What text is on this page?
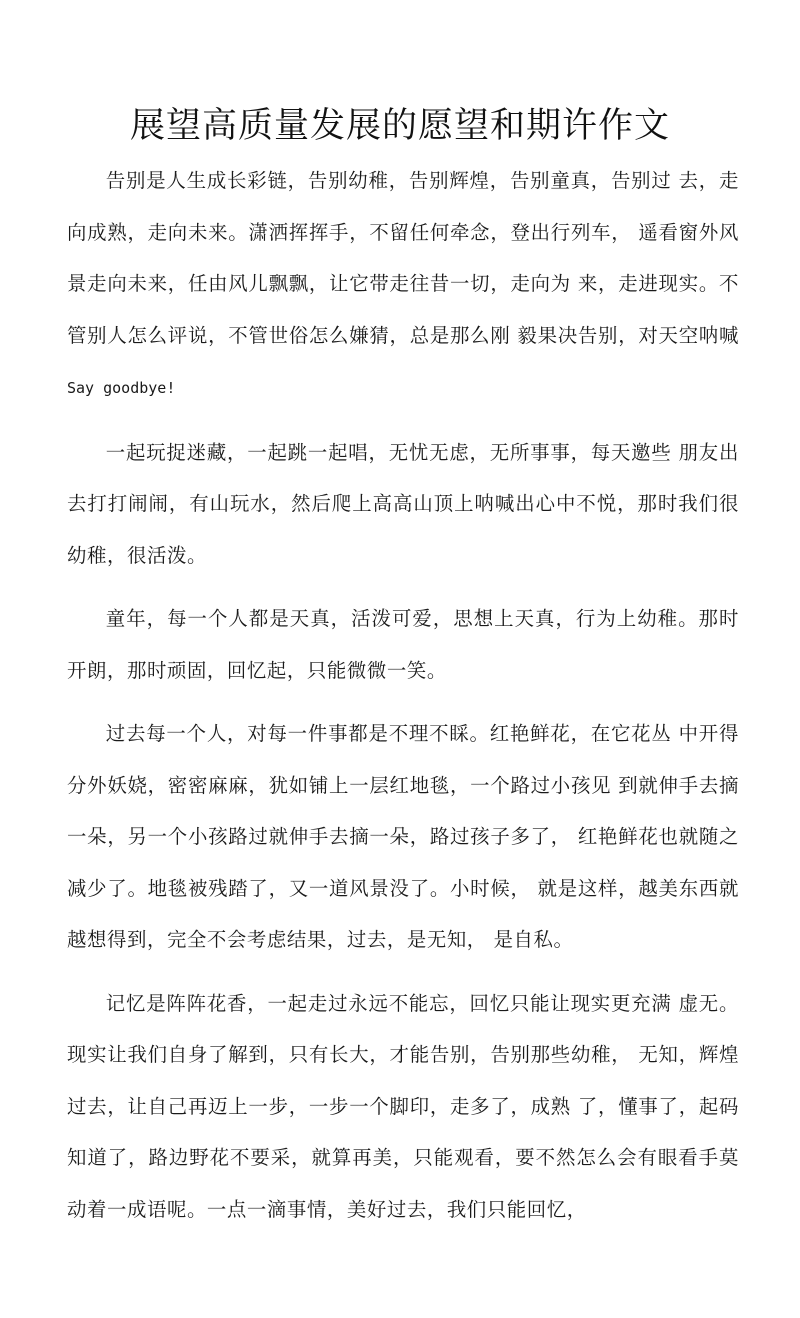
展望高质量发展的愿望和期许作文

告别是人生成长彩链，告别幼稚，告别辉煌，告别童真，告别过 去，走向成熟，走向未来。潇洒挥挥手，不留任何牵念，登出行列车， 遥看窗外风景走向未来，任由风儿飘飘，让它带走往昔一切，走向为 来，走进现实。不管别人怎么评说，不管世俗怎么嫌猜，总是那么刚 毅果决告别，对天空呐喊Say goodbye!

一起玩捉迷藏，一起跳一起唱，无忧无虑，无所事事，每天邀些 朋友出去打打闹闹，有山玩水，然后爬上高高山顶上呐喊出心中不悦，那时我们很幼稚，很活泼。

童年，每一个人都是天真，活泼可爱，思想上天真，行为上幼稚。那时开朗，那时顽固，回忆起，只能微微一笑。

过去每一个人，对每一件事都是不理不睬。红艳鲜花，在它花丛 中开得分外妖娆，密密麻麻，犹如铺上一层红地毯，一个路过小孩见 到就伸手去摘一朵，另一个小孩路过就伸手去摘一朵，路过孩子多了， 红艳鲜花也就随之减少了。地毯被残踏了，又一道风景没了。小时候， 就是这样，越美东西就越想得到，完全不会考虑结果，过去，是无知， 是自私。

记忆是阵阵花香，一起走过永远不能忘，回忆只能让现实更充满 虚无。现实让我们自身了解到，只有长大，才能告别，告别那些幼稚， 无知，辉煌过去，让自己再迈上一步，一步一个脚印，走多了，成熟 了，懂事了，起码知道了，路边野花不要采，就算再美，只能观看，要不然怎么会有眼看手莫动着一成语呢。一点一滴事情，美好过去，我们只能回忆，
